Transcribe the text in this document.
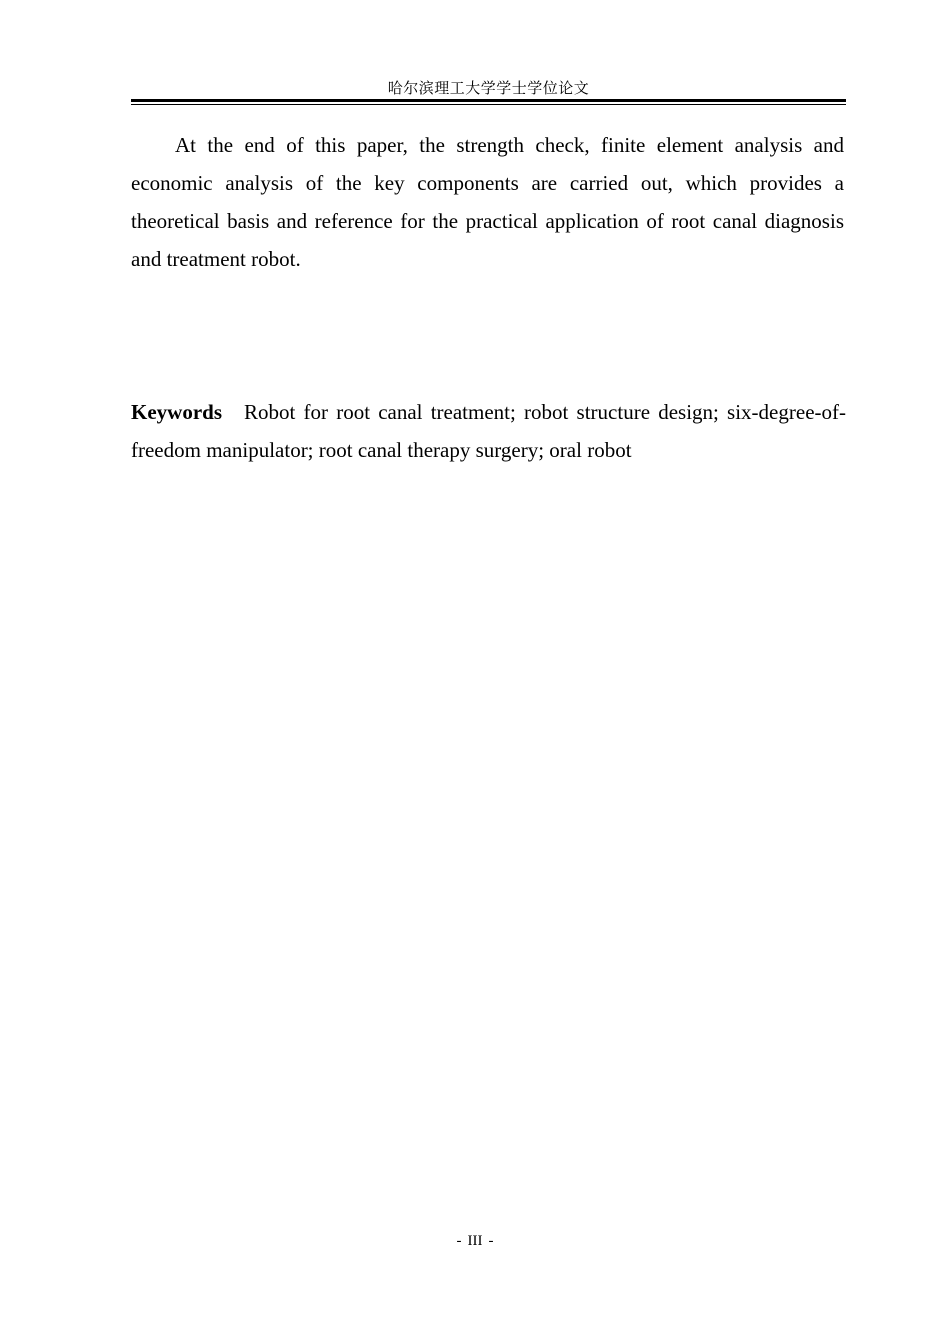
哈尔滨理工大学学士学位论文

At the end of this paper, the strength check, finite element analysis and economic analysis of the key components are carried out, which provides a theoretical basis and reference for the practical application of root canal diagnosis and treatment robot.

Keywords Robot for root canal treatment; robot structure design; six-degree-of-freedom manipulator; root canal therapy surgery; oral robot

- III -
